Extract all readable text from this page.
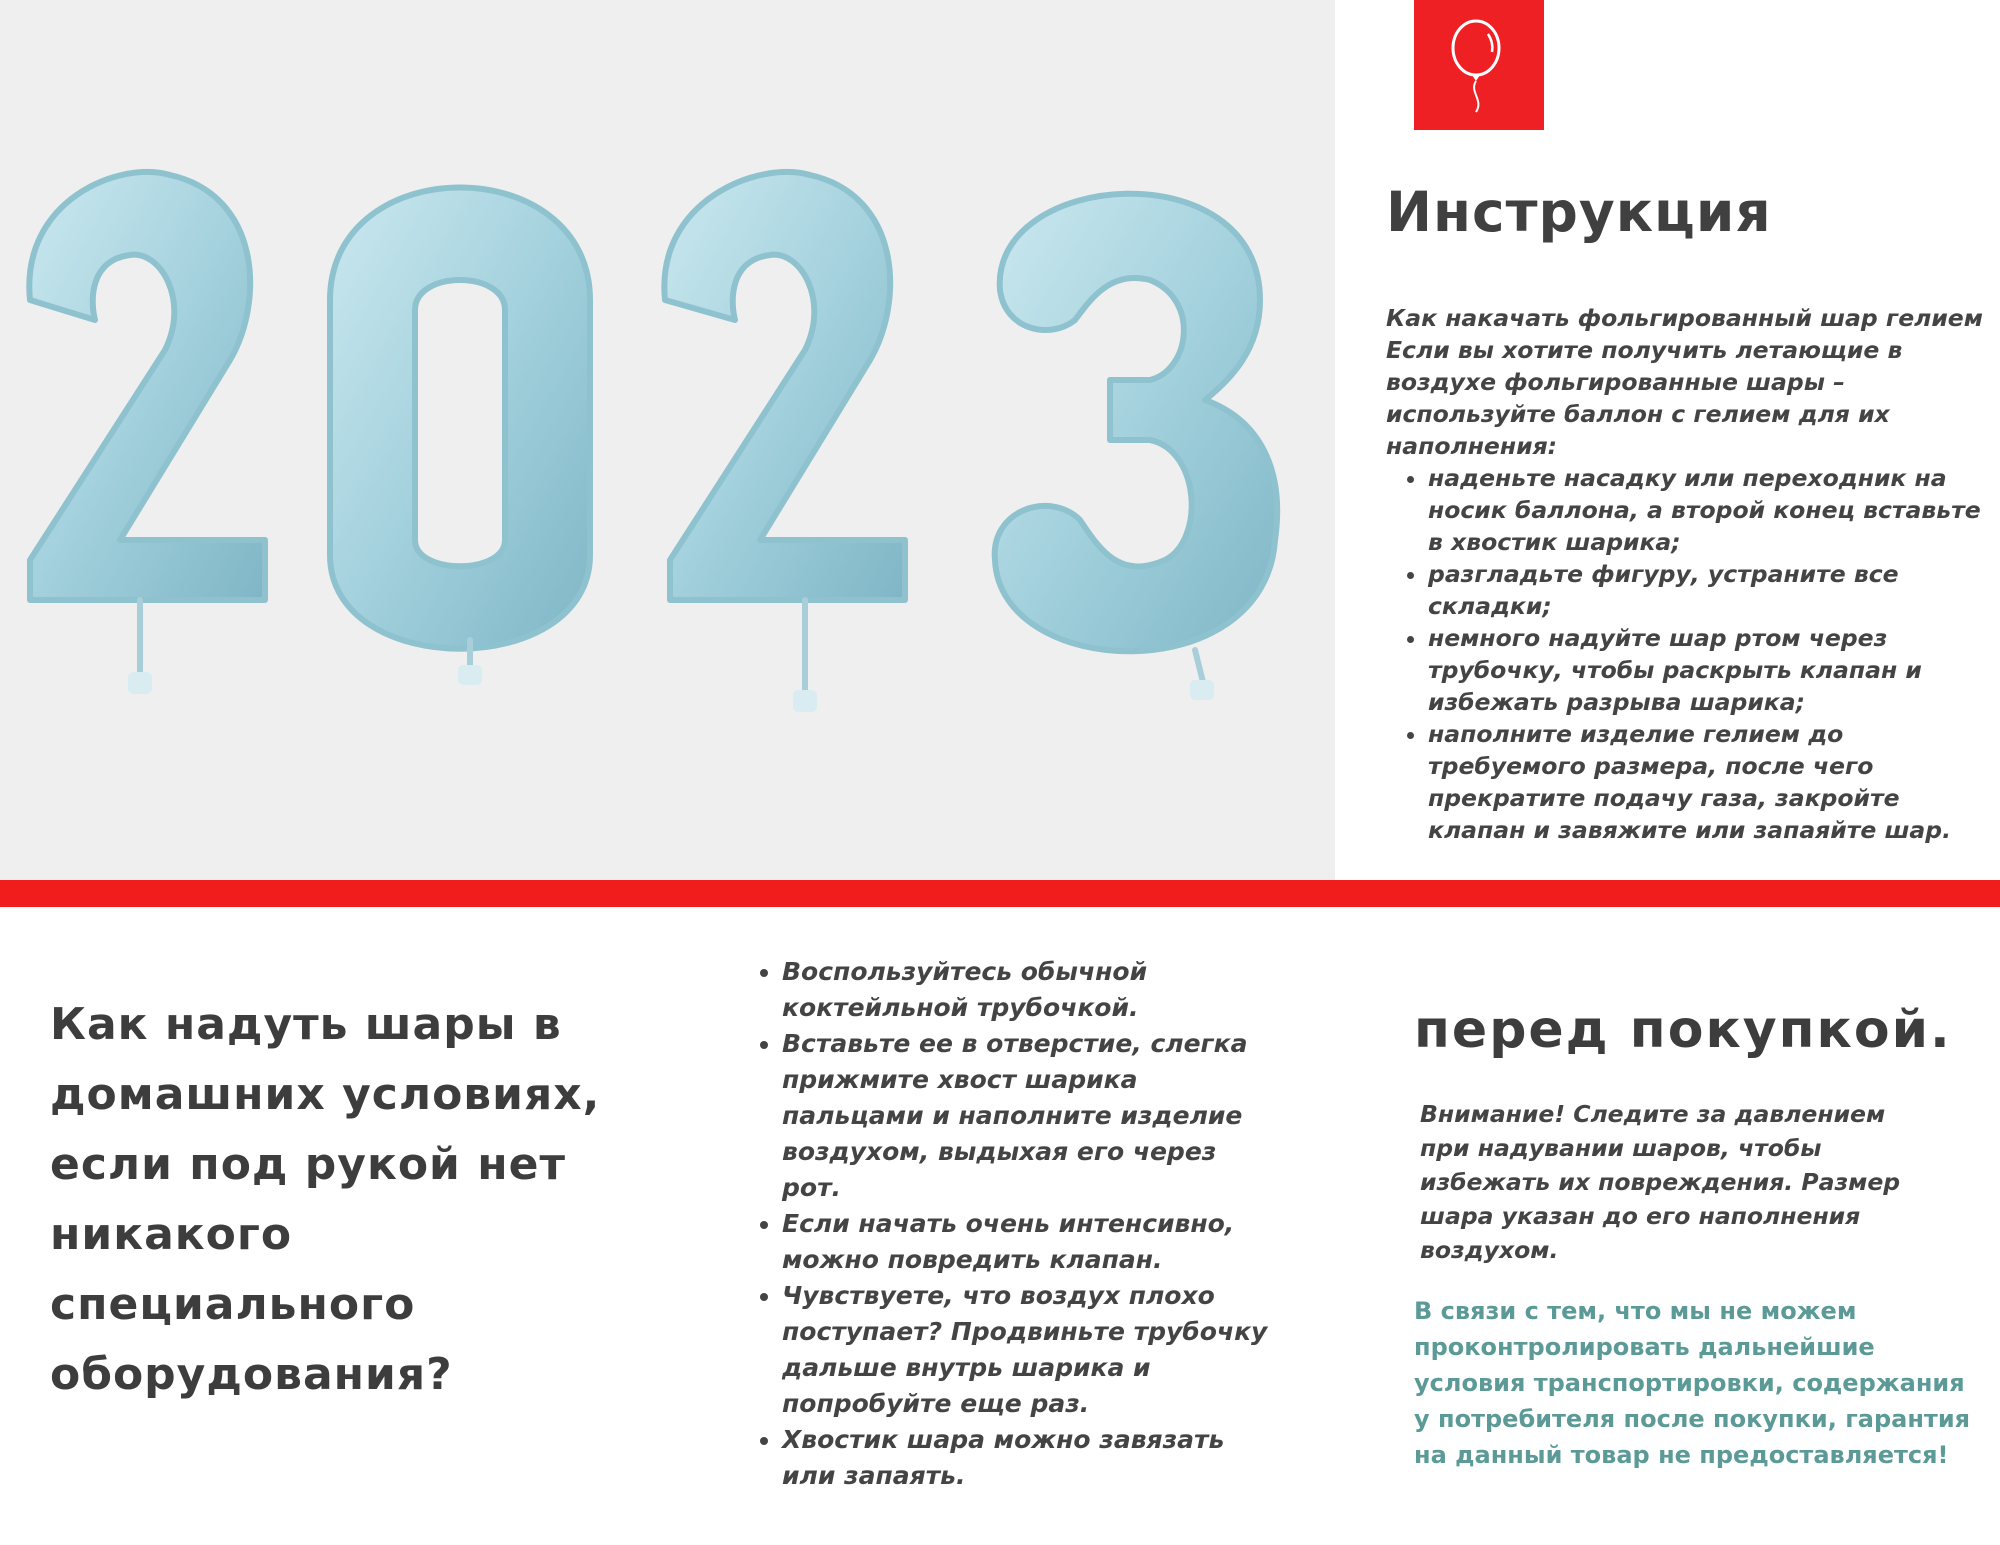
Инструкция

Как накачать фольгированный шар гелием

Если вы хотите получить летающие в воздухе фольгированные шары – используйте баллон с гелием для их наполнения:

• наденьте насадку или переходник на носик баллона, а второй конец вставьте в хвостик шарика;
• разгладьте фигуру, устраните все складки;
• немного надуйте шар ртом через трубочку, чтобы раскрыть клапан и избежать разрыва шарика;
• наполните изделие гелием до требуемого размера, после чего прекратите подачу газа, закройте клапан и завяжите или запаяйте шар.
Как надуть шары в домашних условиях, если под рукой нет никакого специального оборудования?
• Воспользуйтесь обычной коктейльной трубочкой.
• Вставьте ее в отверстие, слегка прижмите хвост шарика пальцами и наполните изделие воздухом, выдыхая его через рот.
• Если начать очень интенсивно, можно повредить клапан.
• Чувствуете, что воздух плохо поступает? Продвиньте трубочку дальше внутрь шарика и попробуйте еще раз.
• Хвостик шара можно завязать или запаять.
перед покупкой.

Внимание! Следите за давлением при надувании шаров, чтобы избежать их повреждения. Размер шара указан до его наполнения воздухом.

В связи с тем, что мы не можем проконтролировать дальнейшие условия транспортировки, содержания у потребителя после покупки, гарантия на данный товар не предоставляется!
